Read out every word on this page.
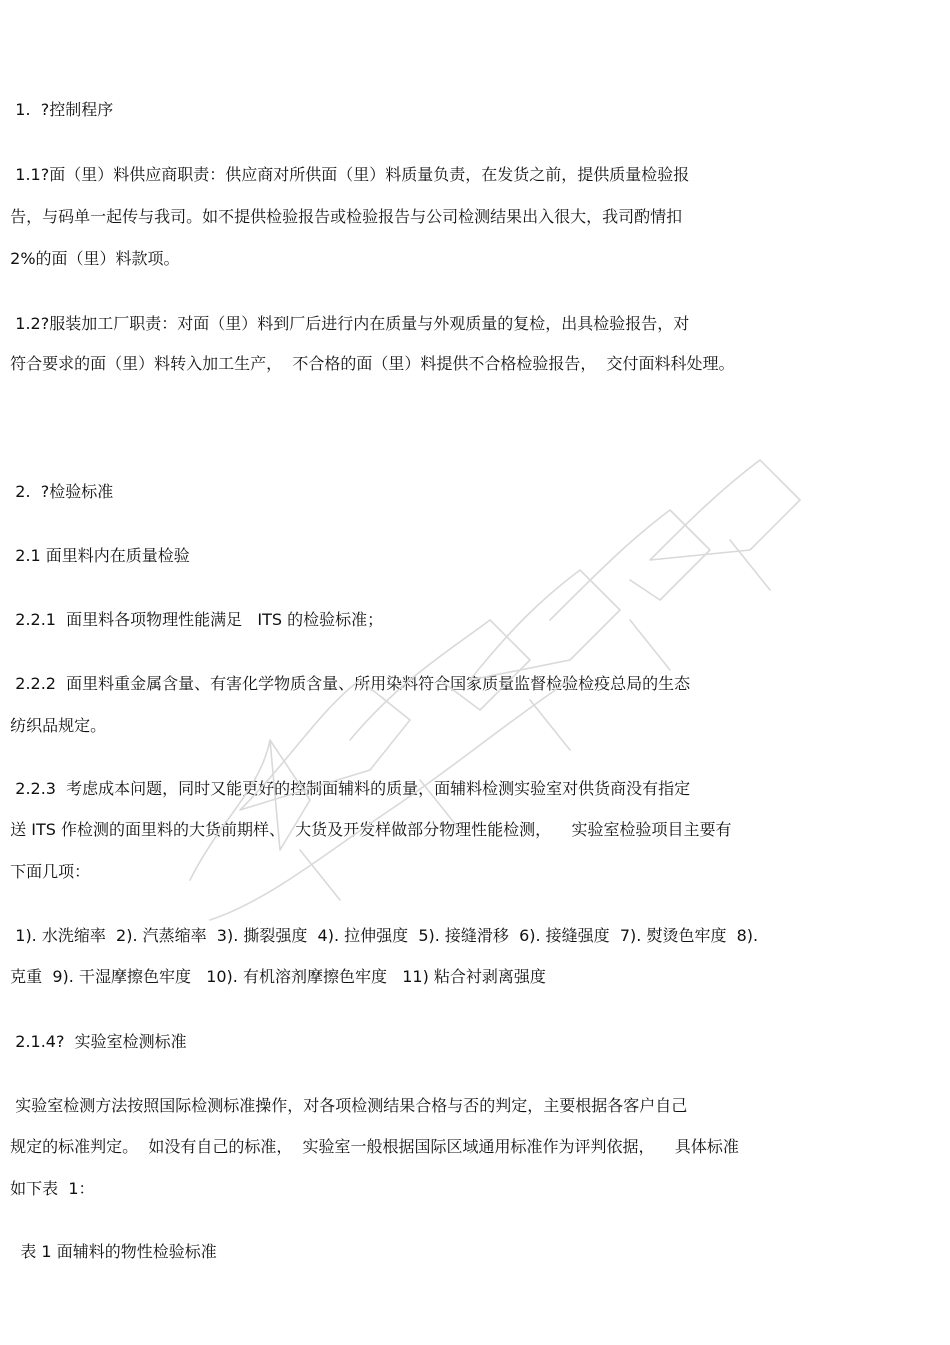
1.  ?控制程序
1.1?面（里）料供应商职责：供应商对所供面（里）料质量负责，在发货之前，提供质量检验报
告，与码单一起传与我司。如不提供检验报告或检验报告与公司检测结果出入很大，我司酌情扣
2%的面（里）料款项。
1.2?服装加工厂职责：对面（里）料到厂后进行内在质量与外观质量的复检，出具检验报告，对
符合要求的面（里）料转入加工生产，  不合格的面（里）料提供不合格检验报告，  交付面料科处理。
2.  ?检验标准
2.1 面里料内在质量检验
2.2.1  面里料各项物理性能满足   ITS 的检验标准；
2.2.2  面里料重金属含量、有害化学物质含量、所用染料符合国家质量监督检验检疫总局的生态
纺织品规定。
2.2.3  考虑成本问题，同时又能更好的控制面辅料的质量，面辅料检测实验室对供货商没有指定
送 ITS 作检测的面里料的大货前期样、  大货及开发样做部分物理性能检测，    实验室检验项目主要有
下面几项：
1). 水洗缩率  2). 汽蒸缩率  3). 撕裂强度  4). 拉伸强度  5). 接缝滑移  6). 接缝强度  7). 熨烫色牢度  8).
克重  9). 干湿摩擦色牢度   10). 有机溶剂摩擦色牢度   11) 粘合衬剥离强度
2.1.4?  实验室检测标准
实验室检测方法按照国际检测标准操作，对各项检测结果合格与否的判定，主要根据各客户自己
规定的标准判定。  如没有自己的标准，  实验室一般根据国际区域通用标准作为评判依据，    具体标准
如下表  1：
表 1 面辅料的物性检验标准
